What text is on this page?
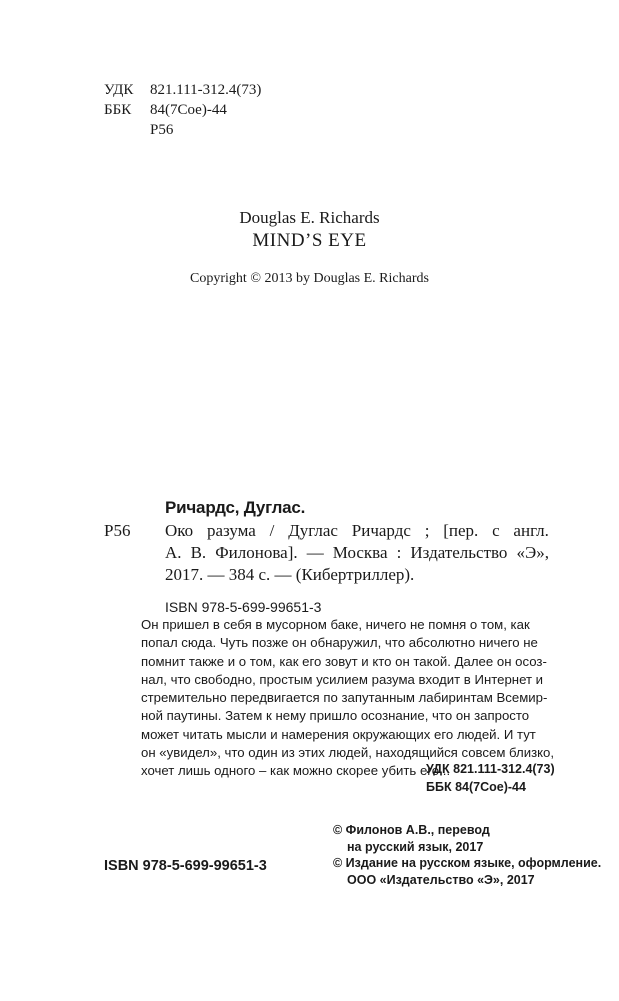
УДК	821.111-312.4(73)
ББК	84(7Сое)-44
Р56
Douglas E. Richards
MIND’S EYE
Copyright © 2013 by Douglas E. Richards
Ричардс, Дуглас.
Р56 Око разума / Дуглас Ричардс ; [пер. с англ.
А. В. Филонова]. — Москва : Издательство «Э»,
2017. — 384 с. — (Кибертриллер).
ISBN 978-5-699-99651-3
Он пришел в себя в мусорном баке, ничего не помня о том, как
попал сюда. Чуть позже он обнаружил, что абсолютно ничего не
помнит также и о том, как его зовут и кто он такой. Далее он осоз-
нал, что свободно, простым усилием разума входит в Интернет и
стремительно передвигается по запутанным лабиринтам Всемир-
ной паутины. Затем к нему пришло осознание, что он запросто
может читать мысли и намерения окружающих его людей. И тут
он «увидел», что один из этих людей, находящийся совсем близко,
хочет лишь одного – как можно скорее убить его...
УДК 821.111-312.4(73)
ББК 84(7Сое)-44
© Филонов А.В., перевод
на русский язык, 2017
© Издание на русском языке, оформление.
ООО «Издательство «Э», 2017
ISBN 978-5-699-99651-3
